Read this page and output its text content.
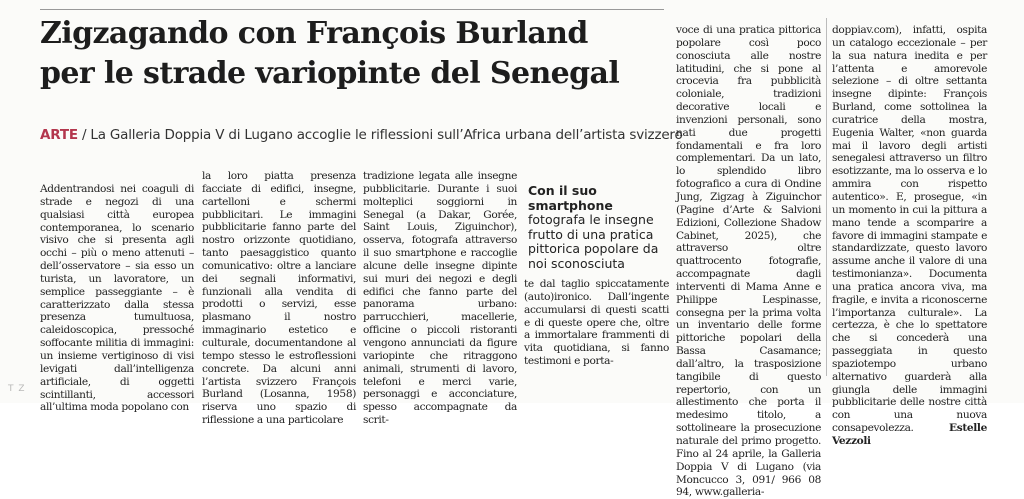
Zigzagando con François Burland
per le strade variopinte del Senegal
ARTE / La Galleria Doppia V di Lugano accoglie le riflessioni sull’Africa urbana dell’artista svizzero

Addentrandosi nei coaguli di strade e negozi di una qualsiasi città europea contemporanea, lo scenario visivo che si presenta agli occhi – più o meno attenuti – dell’osservatore – sia esso un turista, un lavoratore, un semplice passeggiante – è caratterizzato dalla stessa presenza tumultuosa, caleidoscopica, pressoché soffocante militia di immagini: un insieme vertiginoso di visi levigati dall’intelligenza artificiale, di oggetti scintillanti, accessori all’ultima moda popolano con

la loro piatta presenza facciate di edifici, insegne, cartelloni e schermi pubblicitari. Le immagini pubblicitarie fanno parte del nostro orizzonte quotidiano, tanto paesaggistico quanto comunicativo: oltre a lanciare dei segnali informativi, funzionali alla vendita di prodotti o servizi, esse plasmano il nostro immaginario estetico e culturale, documentandone al tempo stesso le estroflessioni concrete. Da alcuni anni l’artista svizzero François Burland (Losanna, 1958) riserva uno spazio di riflessione a una particolare

tradizione legata alle insegne pubblicitarie. Durante i suoi molteplici soggiorni in Senegal (a Dakar, Gorée, Saint Louis, Ziguinchor), osserva, fotografa attraverso il suo smartphone e raccoglie alcune delle insegne dipinte sui muri dei negozi e degli edifici che fanno parte del panorama urbano: parrucchieri, macellerie, officine o piccoli ristoranti vengono annunciati da figure variopinte che ritraggono animali, strumenti di lavoro, telefoni e merci varie, personaggi e acconciature, spesso accompagnate da scrit-

Con il suo smartphone
fotografa le insegne frutto di una pratica pittorica popolare da noi sconosciuta

te dal taglio spiccatamente (auto)ironico. Dall’ingente accumularsi di questi scatti e di queste opere che, oltre a immortalare frammenti di vita quotidiana, si fanno testimoni e porta-

voce di una pratica pittorica popolare così poco conosciuta alle nostre latitudini, che si pone al crocevia fra pubblicità coloniale, tradizioni decorative locali e invenzioni personali, sono nati due progetti fondamentali e fra loro complementari. Da un lato, lo splendido libro fotografico a cura di Ondine Jung, Zigzag à Ziguinchor (Pagine d’Arte & Salvioni Edizioni, Collezione Shadow Cabinet, 2025), che attraverso oltre quattrocento fotografie, accompagnate dagli interventi di Mama Anne e Philippe Lespinasse, consegna per la prima volta un inventario delle forme pittoriche popolari della Bassa Casamance; dall’altro, la trasposizione tangibile di questo repertorio, con un allestimento che porta il medesimo titolo, a sottolineare la prosecuzione naturale del primo progetto. Fino al 24 aprile, la Galleria Doppia V di Lugano (via Moncucco 3, 091/ 966 08 94, www.galleria-

doppiav.com), infatti, ospita un catalogo eccezionale – per la sua natura inedita e per l’attenta e amorevole selezione – di oltre settanta insegne dipinte: François Burland, come sottolinea la curatrice della mostra, Eugenia Walter, «non guarda mai il lavoro degli artisti senegalesi attraverso un filtro esotizzante, ma lo osserva e lo ammira con rispetto autentico». E, prosegue, «in un momento in cui la pittura a mano tende a scomparire a favore di immagini stampate e standardizzate, questo lavoro assume anche il valore di una testimonianza». Documenta una pratica ancora viva, ma fragile, e invita a riconoscerne l’importanza culturale». La certezza, è che lo spettatore che si concederà una passeggiata in questo spaziotempo urbano alternativo guarderà alla giungla delle immagini pubblicitarie delle nostre città con una nuova consapevolezza.	Estelle Vezzoli

T Z
